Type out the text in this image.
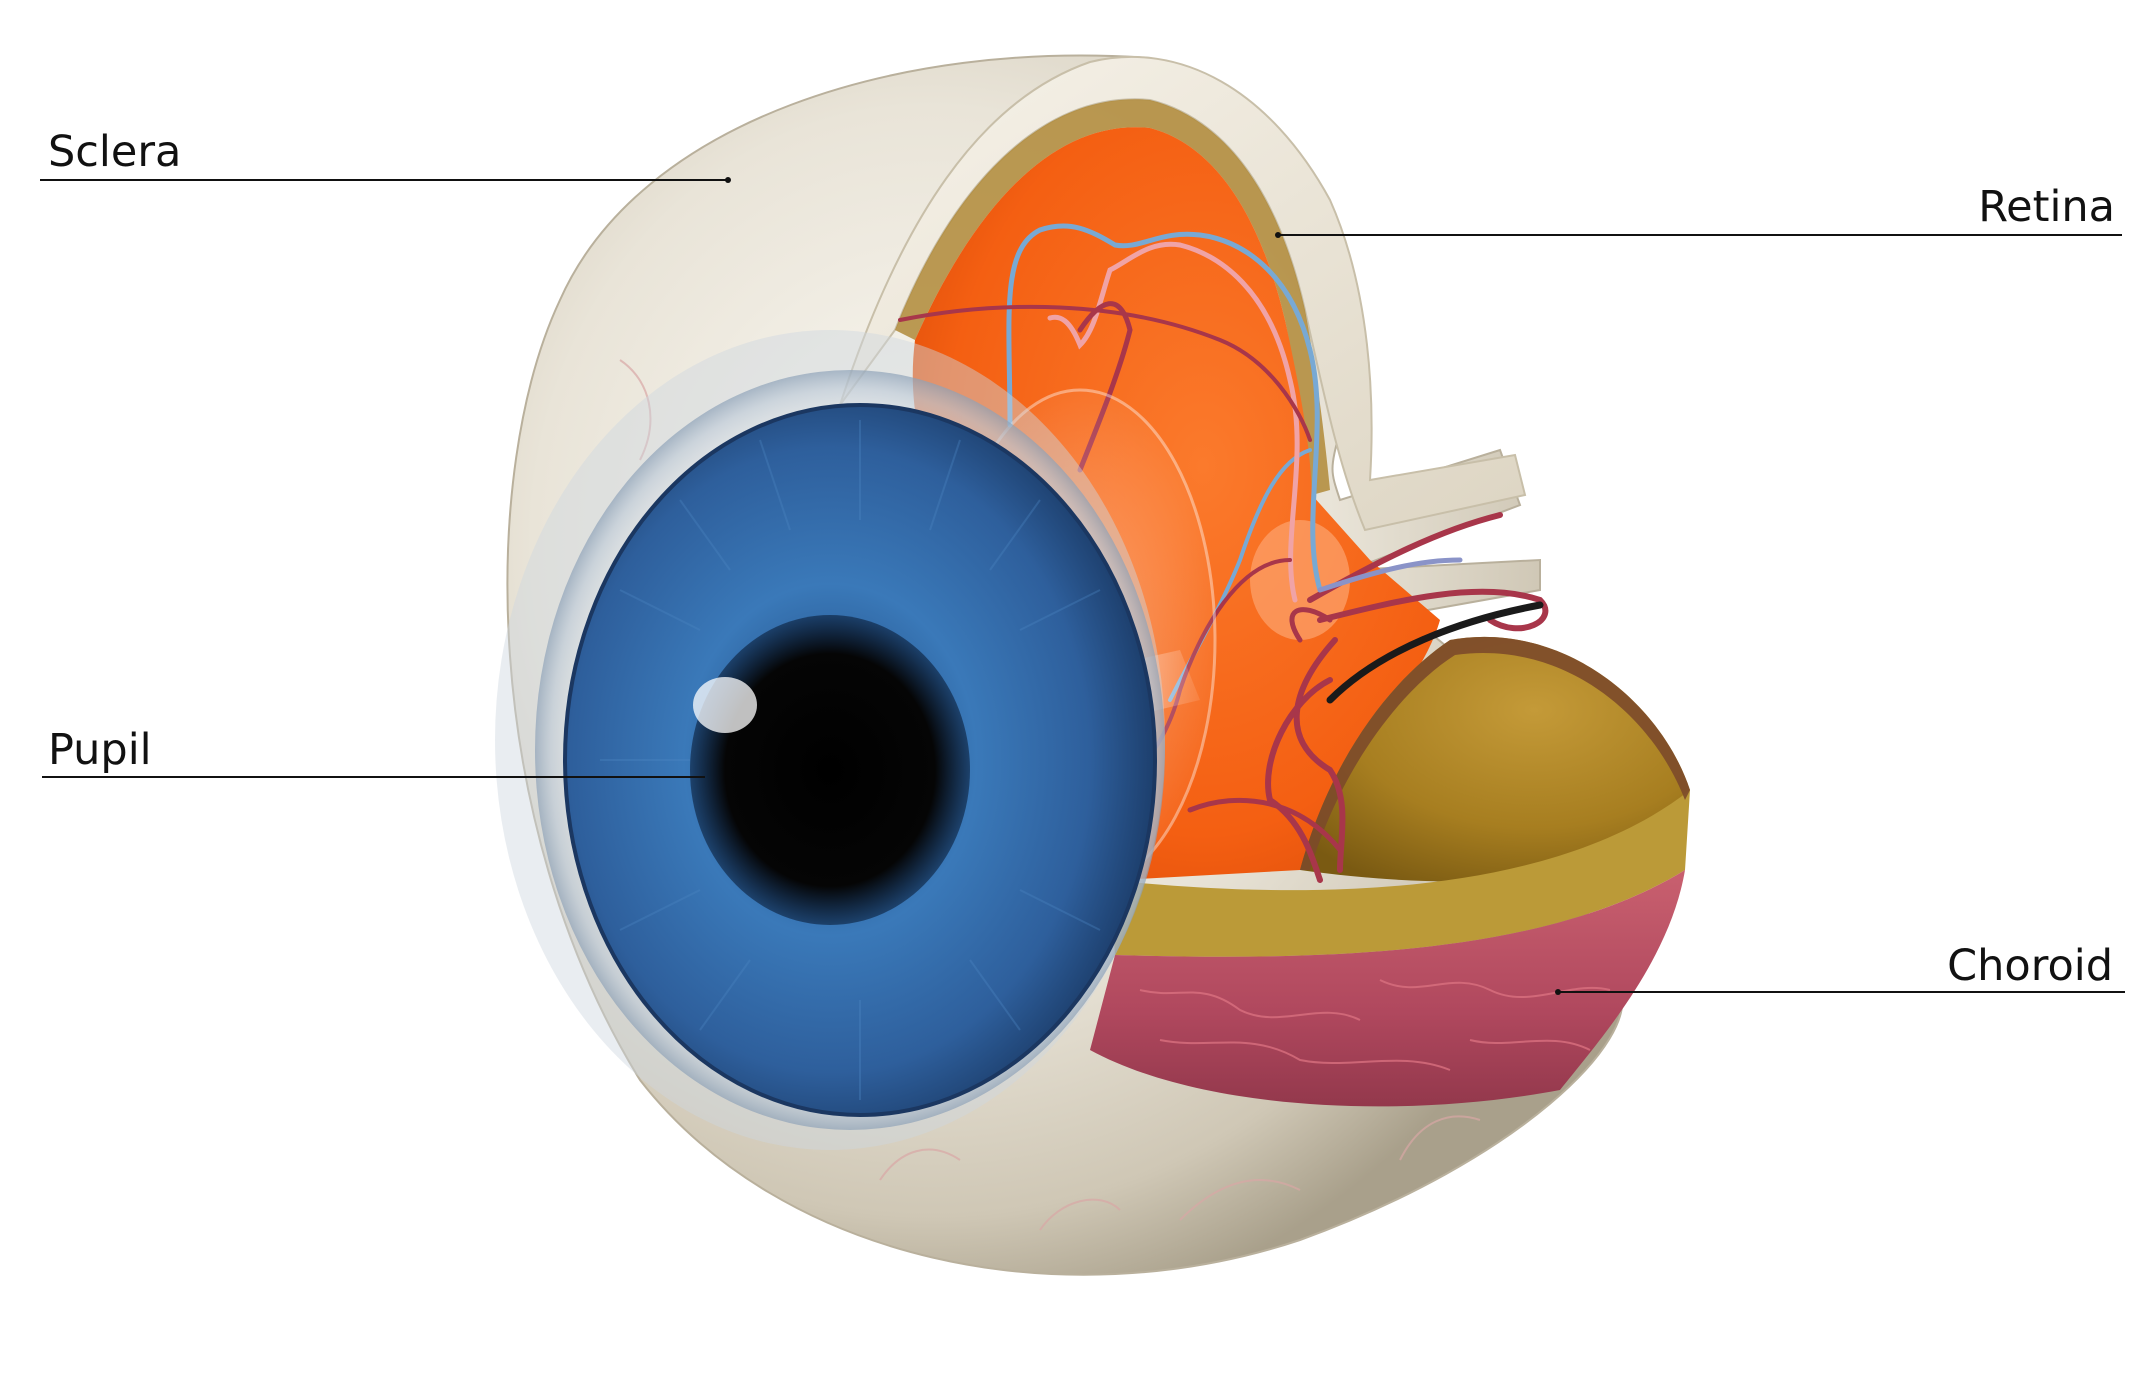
Sclera
Retina
Pupil
Choroid
